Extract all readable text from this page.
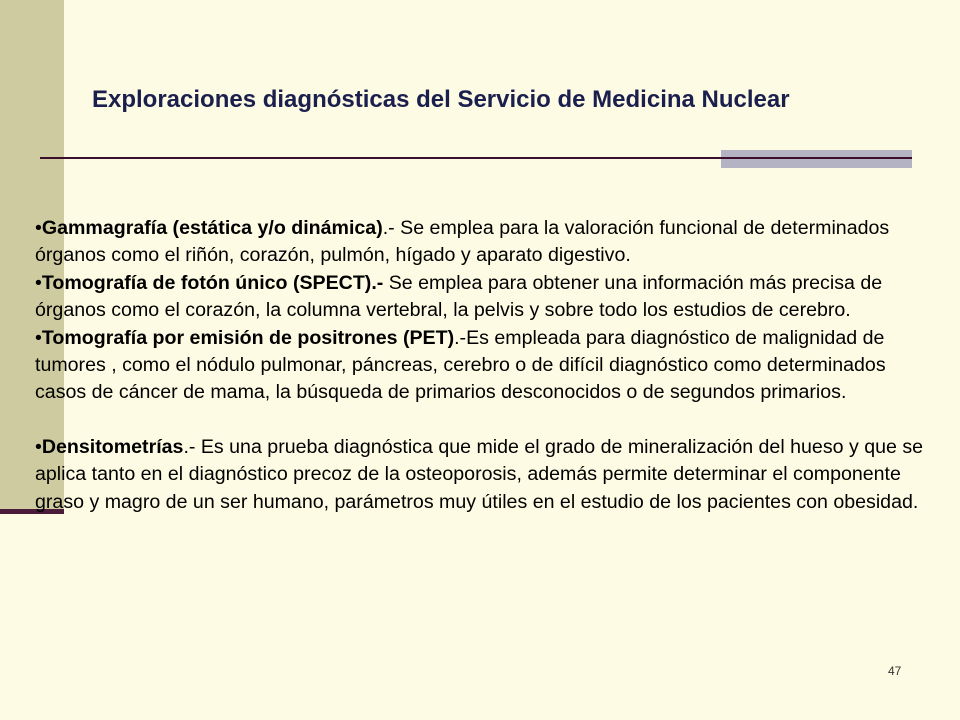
Exploraciones diagnósticas del Servicio de Medicina Nuclear

•Gammagrafía (estática y/o dinámica).- Se emplea para la valoración funcional de determinados órganos como el riñón, corazón, pulmón, hígado y aparato digestivo.

•Tomografía de fotón único (SPECT).- Se emplea para obtener una información más precisa de órganos como el corazón, la columna vertebral, la pelvis y sobre todo los estudios de cerebro.

•Tomografía por emisión de positrones (PET).-Es empleada para diagnóstico de malignidad de tumores , como el nódulo pulmonar, páncreas, cerebro o de difícil diagnóstico como determinados casos de cáncer de mama, la búsqueda de primarios desconocidos o de segundos primarios.

•Densitometrías.- Es una prueba diagnóstica que mide el grado de mineralización del hueso y que se aplica tanto en el diagnóstico precoz de la osteoporosis, además permite determinar el componente graso y magro de un ser humano, parámetros muy útiles en el estudio de los pacientes con obesidad.

47
